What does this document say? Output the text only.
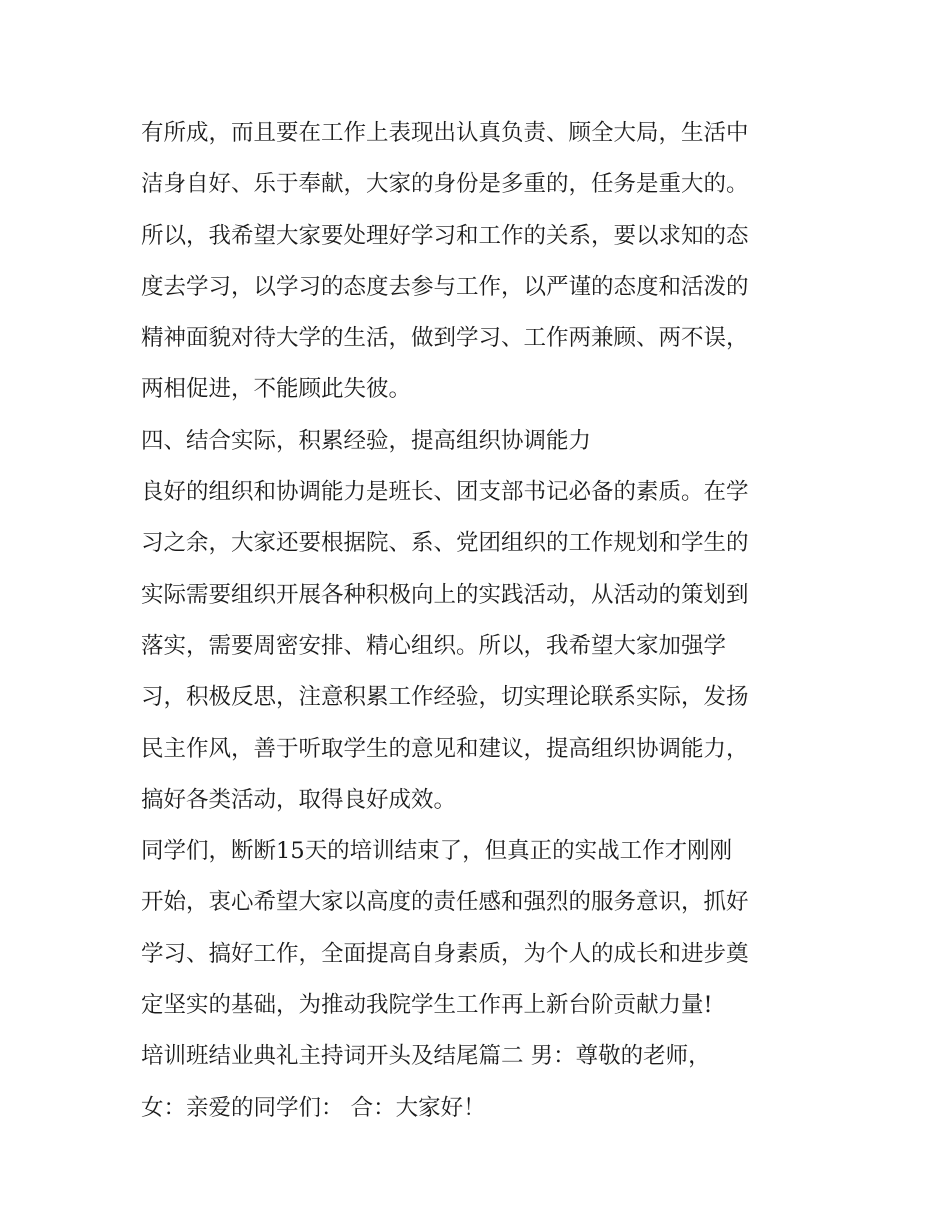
有所成，而且要在工作上表现出认真负责、顾全大局，生活中

洁身自好、乐于奉献，大家的身份是多重的，任务是重大的。

所以，我希望大家要处理好学习和工作的关系，要以求知的态

度去学习，以学习的态度去参与工作，以严谨的态度和活泼的

精神面貌对待大学的生活，做到学习、工作两兼顾、两不误，

两相促进，不能顾此失彼。

四、结合实际，积累经验，提高组织协调能力

良好的组织和协调能力是班长、团支部书记必备的素质。在学

习之余，大家还要根据院、系、党团组织的工作规划和学生的

实际需要组织开展各种积极向上的实践活动，从活动的策划到

落实，需要周密安排、精心组织。所以，我希望大家加强学

习，积极反思，注意积累工作经验，切实理论联系实际，发扬

民主作风，善于听取学生的意见和建议，提高组织协调能力，

搞好各类活动，取得良好成效。

同学们，断断15天的培训结束了，但真正的实战工作才刚刚

开始，衷心希望大家以高度的责任感和强烈的服务意识，抓好

学习、搞好工作，全面提高自身素质，为个人的成长和进步奠

定坚实的基础，为推动我院学生工作再上新台阶贡献力量!

培训班结业典礼主持词开头及结尾篇二 男：尊敬的老师，

女：亲爱的同学们： 合：大家好！
